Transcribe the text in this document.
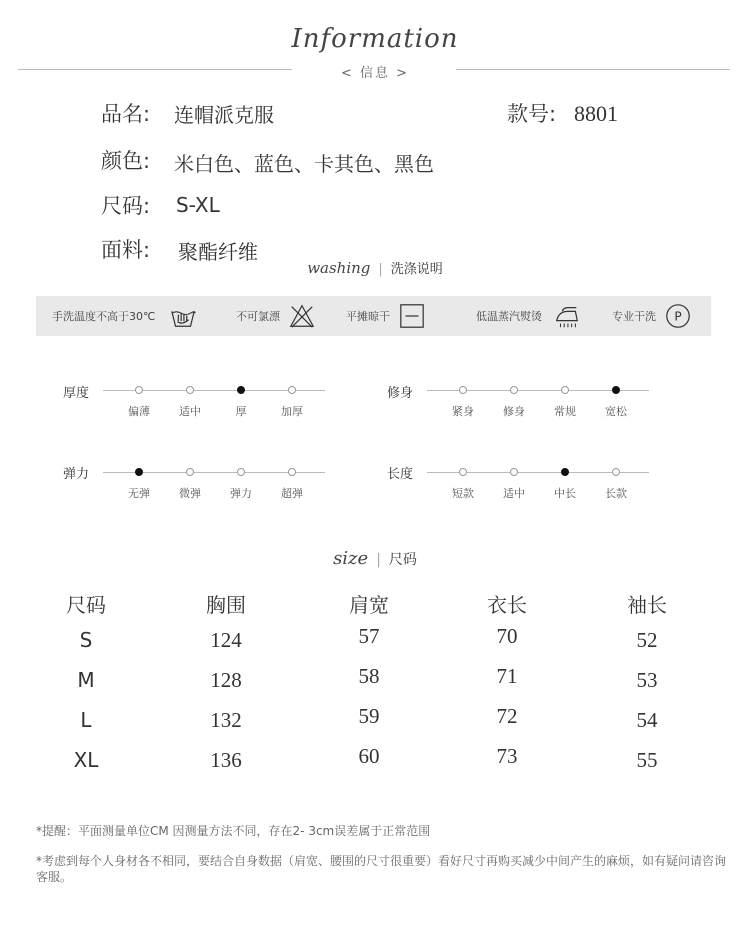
Information
< 信息 >
品名: 连帽派克服	款号: 8801
颜色: 米白色、蓝色、卡其色、黑色
尺码: S-XL
面料: 聚酯纤维
washing | 洗涤说明
手洗温度不高于30℃	不可氯漂	平摊晾干	低温蒸汽熨烫	专业干洗 P
厚度
偏薄	适中	厚	加厚
修身
紧身	修身	常规	宽松
弹力
无弹	微弹	弹力	超弹
长度
短款	适中	中长	长款
size | 尺码
尺码	胸围	肩宽	衣长	袖长
S	124	57	70	52
M	128	58	71	53
L	132	59	72	54
XL	136	60	73	55
*提醒：平面测量单位CM 因测量方法不同，存在2- 3cm误差属于正常范围
*考虑到每个人身材各不相同，要结合自身数据（肩宽、腰围的尺寸很重要）看好尺寸再购买减少中间产生的麻烦，如有疑问请咨询客服。
